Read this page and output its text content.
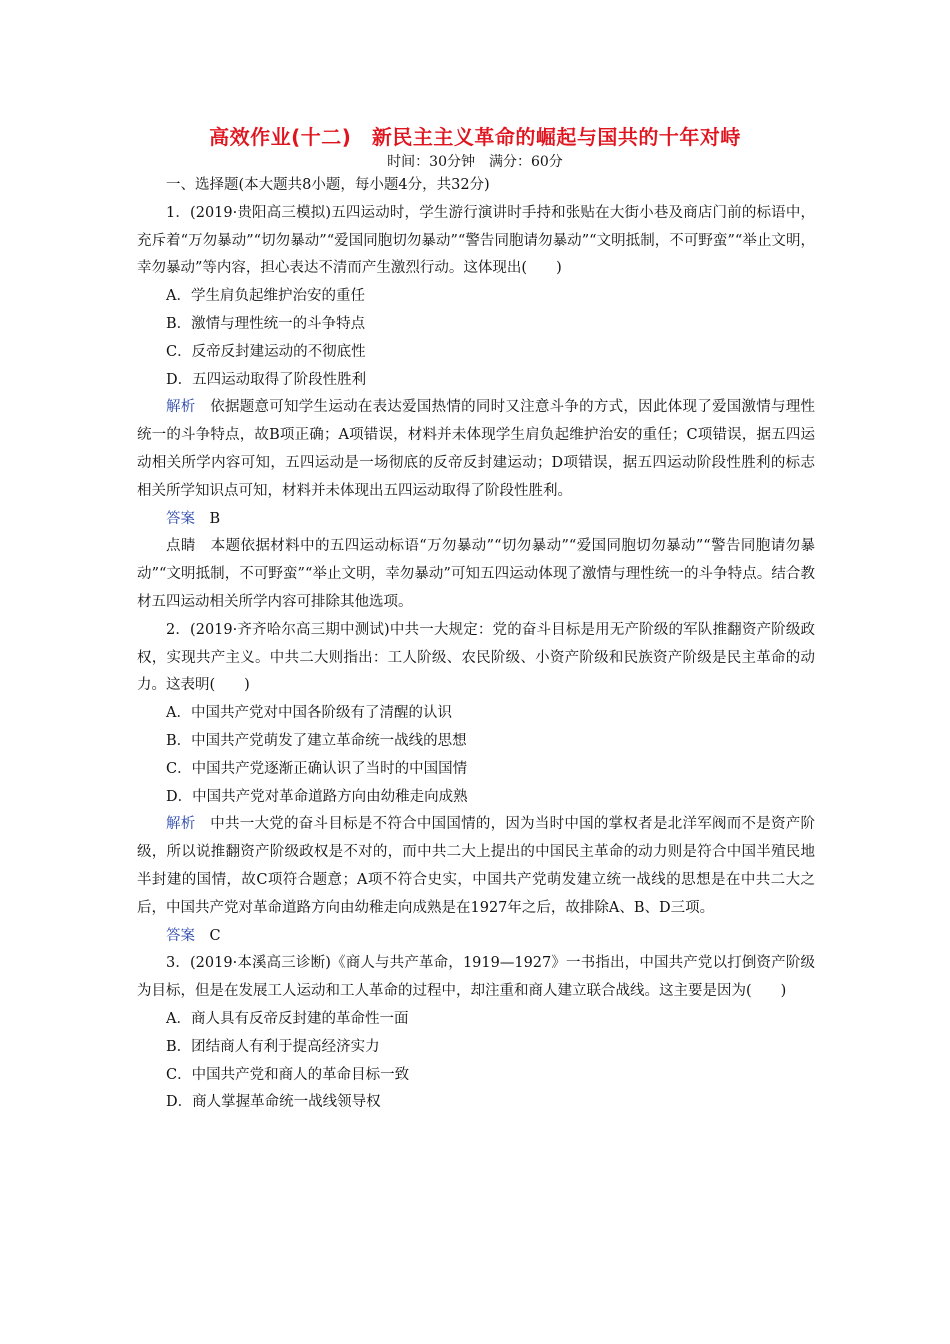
高效作业(十二)　新民主主义革命的崛起与国共的十年对峙
时间：30分钟　满分：60分

一、选择题(本大题共8小题，每小题4分，共32分)

1．(2019·贵阳高三模拟)五四运动时，学生游行演讲时手持和张贴在大街小巷及商店门前的标语中，充斥着“万勿暴动”“切勿暴动”“爱国同胞切勿暴动”“警告同胞请勿暴动”“文明抵制，不可野蛮”“举止文明，幸勿暴动”等内容，担心表达不清而产生激烈行动。这体现出(　　)

A．学生肩负起维护治安的重任

B．激情与理性统一的斗争特点

C．反帝反封建运动的不彻底性

D．五四运动取得了阶段性胜利

解析　依据题意可知学生运动在表达爱国热情的同时又注意斗争的方式，因此体现了爱国激情与理性统一的斗争特点，故B项正确；A项错误，材料并未体现学生肩负起维护治安的重任；C项错误，据五四运动相关所学内容可知，五四运动是一场彻底的反帝反封建运动；D项错误，据五四运动阶段性胜利的标志相关所学知识点可知，材料并未体现出五四运动取得了阶段性胜利。

答案　B

点睛　本题依据材料中的五四运动标语“万勿暴动”“切勿暴动”“爱国同胞切勿暴动”“警告同胞请勿暴动”“文明抵制，不可野蛮”“举止文明，幸勿暴动”可知五四运动体现了激情与理性统一的斗争特点。结合教材五四运动相关所学内容可排除其他选项。

2．(2019·齐齐哈尔高三期中测试)中共一大规定：党的奋斗目标是用无产阶级的军队推翻资产阶级政权，实现共产主义。中共二大则指出：工人阶级、农民阶级、小资产阶级和民族资产阶级是民主革命的动力。这表明(　　)

A．中国共产党对中国各阶级有了清醒的认识

B．中国共产党萌发了建立革命统一战线的思想

C．中国共产党逐渐正确认识了当时的中国国情

D．中国共产党对革命道路方向由幼稚走向成熟

解析　中共一大党的奋斗目标是不符合中国国情的，因为当时中国的掌权者是北洋军阀而不是资产阶级，所以说推翻资产阶级政权是不对的，而中共二大上提出的中国民主革命的动力则是符合中国半殖民地半封建的国情，故C项符合题意；A项不符合史实，中国共产党萌发建立统一战线的思想是在中共二大之后，中国共产党对革命道路方向由幼稚走向成熟是在1927年之后，故排除A、B、D三项。

答案　C

3．(2019·本溪高三诊断)《商人与共产革命，1919—1927》一书指出，中国共产党以打倒资产阶级为目标，但是在发展工人运动和工人革命的过程中，却注重和商人建立联合战线。这主要是因为(　　)

A．商人具有反帝反封建的革命性一面

B．团结商人有利于提高经济实力

C．中国共产党和商人的革命目标一致

D．商人掌握革命统一战线领导权
